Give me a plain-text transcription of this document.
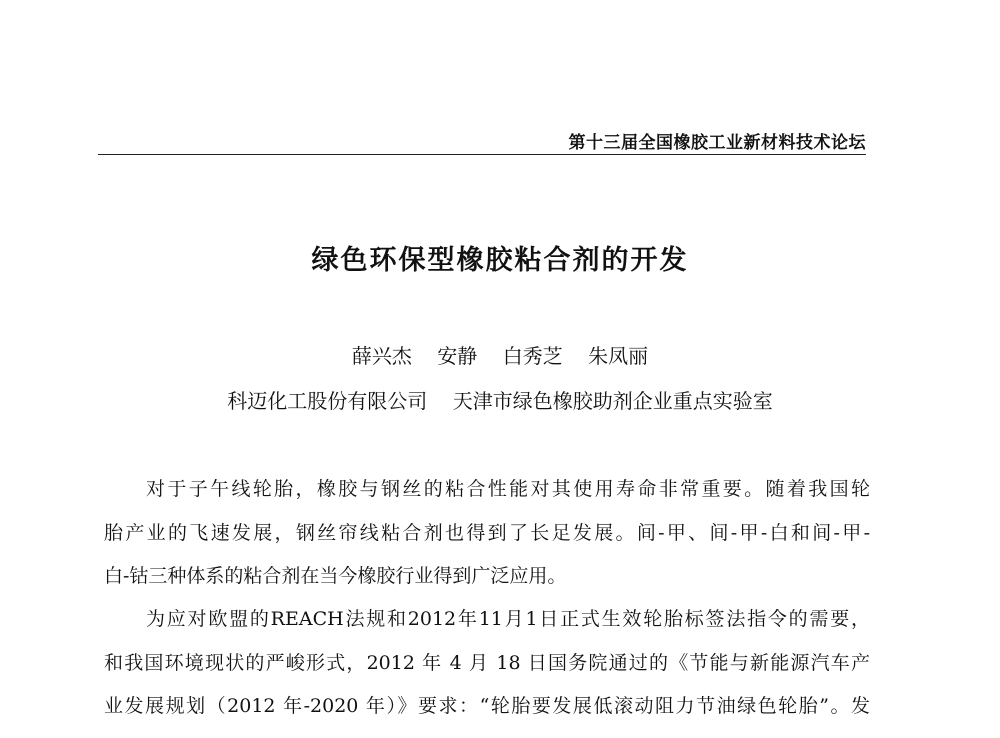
第十三届全国橡胶工业新材料技术论坛
绿色环保型橡胶粘合剂的开发
薛兴杰    安静    白秀芝    朱凤丽
科迈化工股份有限公司    天津市绿色橡胶助剂企业重点实验室
对于子午线轮胎，橡胶与钢丝的粘合性能对其使用寿命非常重要。随着我国轮
胎产业的飞速发展，钢丝帘线粘合剂也得到了长足发展。间-甲、间-甲-白和间-甲-
白-钴三种体系的粘合剂在当今橡胶行业得到广泛应用。
为应对欧盟的REACH法规和2012年11月1日正式生效轮胎标签法指令的需要，
和我国环境现状的严峻形式，2012 年 4 月 18 日国务院通过的《节能与新能源汽车产
业发展规划（2012 年-2020 年）》要求：“轮胎要发展低滚动阻力节油绿色轮胎”。发
